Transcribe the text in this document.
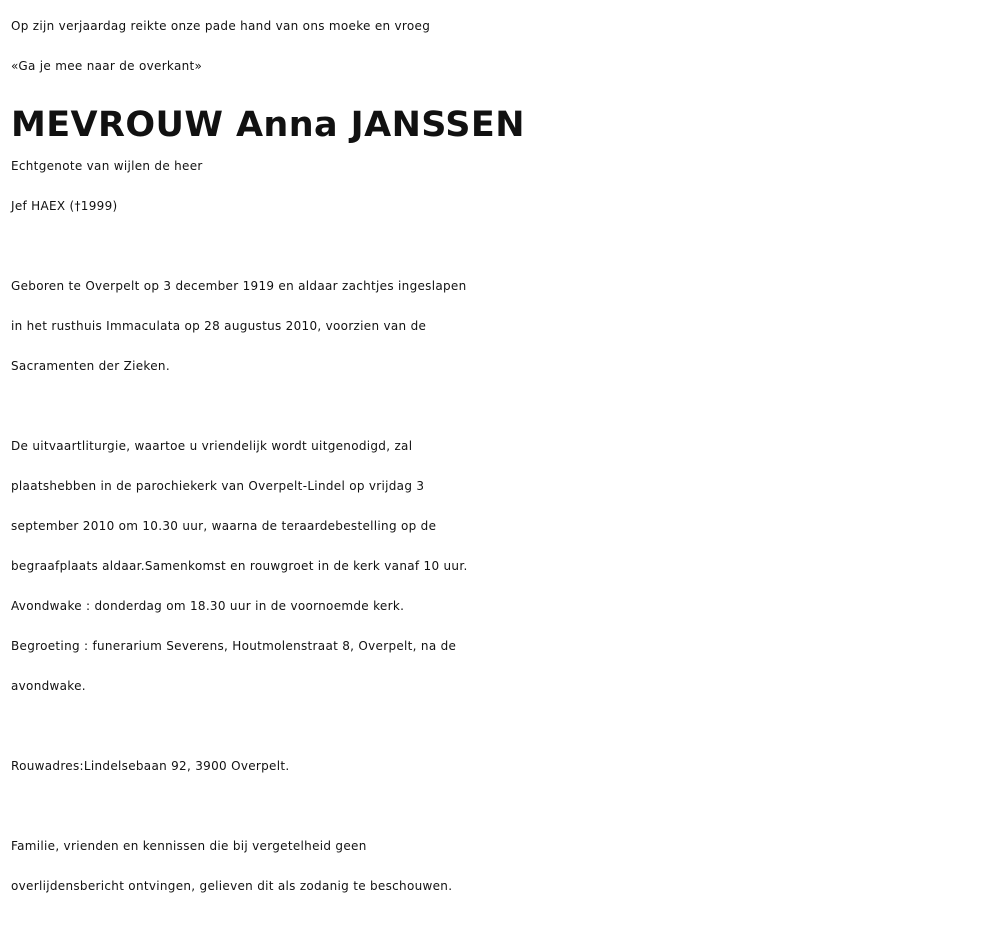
Op zijn verjaardag reikte onze pade hand van ons moeke en vroeg

«Ga je mee naar de overkant»

MEVROUW Anna JANSSEN

Echtgenote van wijlen de heer

Jef HAEX (†1999)

Geboren te Overpelt op 3 december 1919 en aldaar zachtjes ingeslapen

in het rusthuis Immaculata op 28 augustus 2010, voorzien van de

Sacramenten der Zieken.

De uitvaartliturgie, waartoe u vriendelijk wordt uitgenodigd, zal

plaatshebben in de parochiekerk van Overpelt-Lindel op vrijdag 3

september 2010 om 10.30 uur, waarna de teraardebestelling op de

begraafplaats aldaar.Samenkomst en rouwgroet in de kerk vanaf 10 uur.

Avondwake : donderdag om 18.30 uur in de voornoemde kerk.

Begroeting : funerarium Severens, Houtmolenstraat 8, Overpelt, na de

avondwake.

Rouwadres:Lindelsebaan 92, 3900 Overpelt.

Familie, vrienden en kennissen die bij vergetelheid geen

overlijdensbericht ontvingen, gelieven dit als zodanig te beschouwen.
